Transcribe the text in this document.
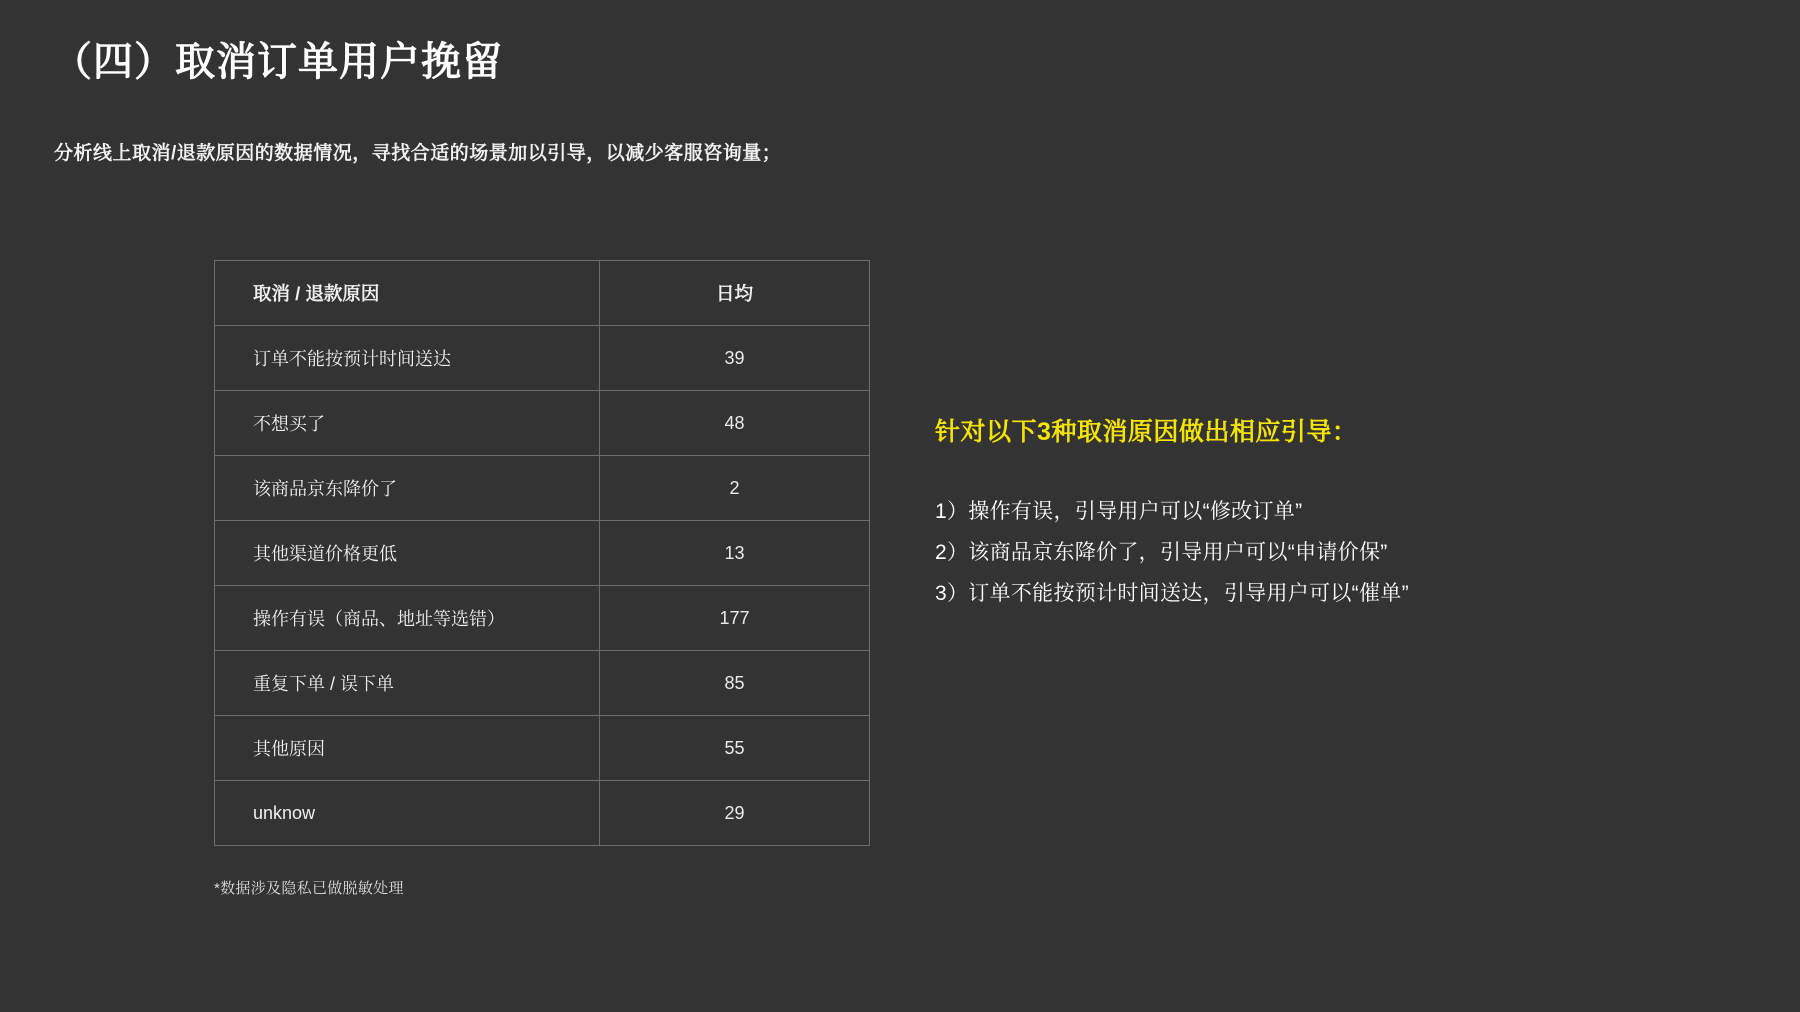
（四）取消订单用户挽留
分析线上取消/退款原因的数据情况，寻找合适的场景加以引导，以减少客服咨询量；
取消 / 退款原因	日均
订单不能按预计时间送达	39
不想买了	48
该商品京东降价了	2
其他渠道价格更低	13
操作有误（商品、地址等选错）	177
重复下单 / 误下单	85
其他原因	55
unknow	29
*数据涉及隐私已做脱敏处理
针对以下3种取消原因做出相应引导：
1）操作有误，引导用户可以“修改订单”
2）该商品京东降价了，引导用户可以“申请价保”
3）订单不能按预计时间送达，引导用户可以“催单”
